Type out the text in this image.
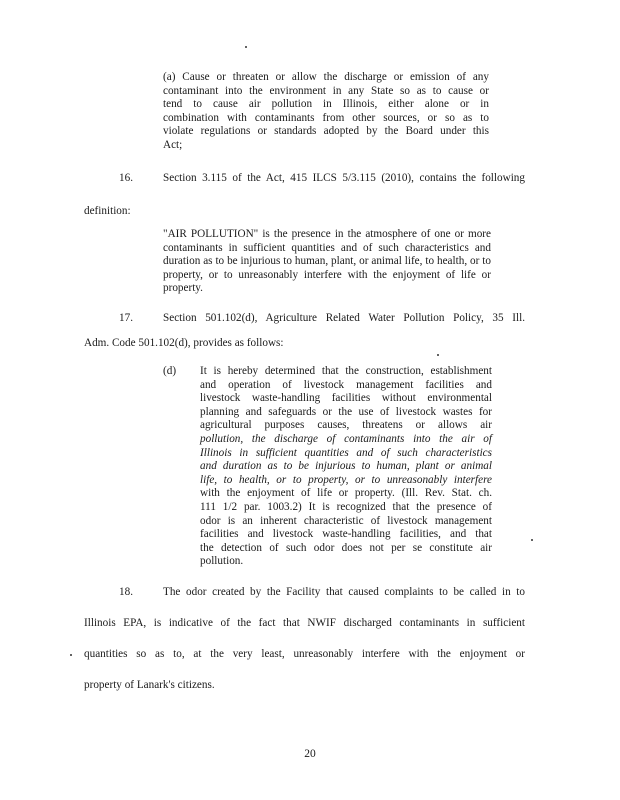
(a) Cause or threaten or allow the discharge or emission of any
contaminant into the environment in any State so as to cause or
tend to cause air pollution in Illinois, either alone or in
combination with contaminants from other sources, or so as to
violate regulations or standards adopted by the Board under this
Act;
16.	Section 3.115 of the Act, 415 ILCS 5/3.115 (2010), contains the following
definition:
"AIR POLLUTION" is the presence in the atmosphere of one or more
contaminants in sufficient quantities and of such characteristics and
duration as to be injurious to human, plant, or animal life, to health, or to
property, or to unreasonably interfere with the enjoyment of life or
property.
17.	Section 501.102(d), Agriculture Related Water Pollution Policy, 35 Ill.
Adm. Code 501.102(d), provides as follows:
(d) It is hereby determined that the construction, establishment
and operation of livestock management facilities and
livestock waste-handling facilities without environmental
planning and safeguards or the use of livestock wastes for
agricultural purposes causes, threatens or allows air
pollution, the discharge of contaminants into the air of
Illinois in sufficient quantities and of such characteristics
and duration as to be injurious to human, plant or animal
life, to health, or to property, or to unreasonably interfere
with the enjoyment of life or property. (Ill. Rev. Stat. ch.
111 1/2 par. 1003.2) It is recognized that the presence of
odor is an inherent characteristic of livestock management
facilities and livestock waste-handling facilities, and that
the detection of such odor does not per se constitute air
pollution.
18.	The odor created by the Facility that caused complaints to be called in to
Illinois EPA, is indicative of the fact that NWIF discharged contaminants in sufficient
quantities so as to, at the very least, unreasonably interfere with the enjoyment or
property of Lanark's citizens.
20
